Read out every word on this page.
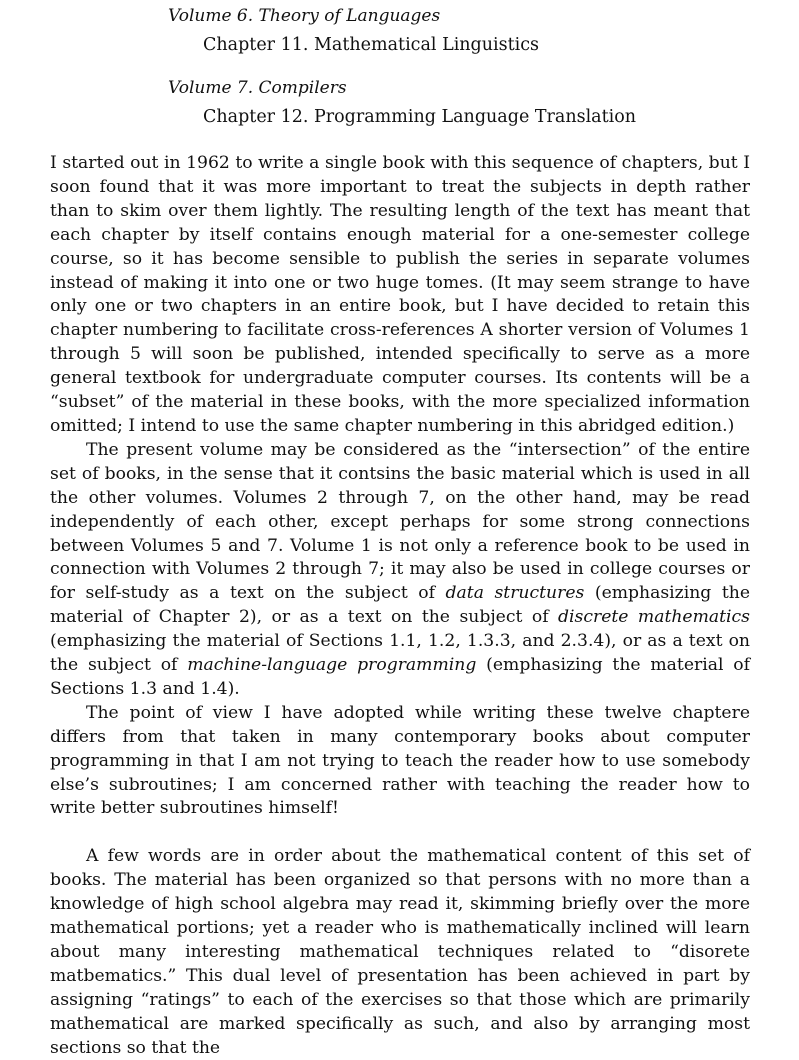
Volume 6. Theory of Languages
Chapter 11. Mathematical Linguistics
Volume 7. Compilers
Chapter 12. Programming Language Translation

I started out in 1962 to write a single book with this sequence of chapters, but I soon found that it was more important to treat the subjects in depth rather than to skim over them lightly. The resulting length of the text has meant that each chapter by itself contains enough material for a one-semester college course, so it has become sensible to publish the series in separate volumes instead of making it into one or two huge tomes. (It may seem strange to have only one or two chapters in an entire book, but I have decided to retain this chapter numbering to facilitate cross-references A shorter version of Volumes 1 through 5 will soon be published, intended specifically to serve as a more general textbook for undergraduate computer courses. Its contents will be a “subset” of the material in these books, with the more specialized information omitted; I intend to use the same chapter numbering in this abridged edition.)

The present volume may be considered as the “intersection” of the entire set of books, in the sense that it contsins the basic material which is used in all the other volumes. Volumes 2 through 7, on the other hand, may be read independently of each other, except perhaps for some strong connections between Volumes 5 and 7. Volume 1 is not only a reference book to be used in connection with Volumes 2 through 7; it may also be used in college courses or for self-study as a text on the subject of data structures (emphasizing the material of Chapter 2), or as a text on the subject of discrete mathematics (emphasizing the material of Sections 1.1, 1.2, 1.3.3, and 2.3.4), or as a text on the subject of machine-language programming (emphasizing the material of Sections 1.3 and 1.4).

The point of view I have adopted while writing these twelve chaptere differs from that taken in many contemporary books about computer programming in that I am not trying to teach the reader how to use somebody else’s subroutines; I am concerned rather with teaching the reader how to write better subroutines himself!

A few words are in order about the mathematical content of this set of books. The material has been organized so that persons with no more than a knowledge of high school algebra may read it, skimming briefly over the more mathematical portions; yet a reader who is mathematically inclined will learn about many interesting mathematical techniques related to “disorete matbematics.” This dual level of presentation has been achieved in part by assigning “ratings” to each of the exercises so that those which are primarily mathematical are marked specifically as such, and also by arranging most sections so that the
